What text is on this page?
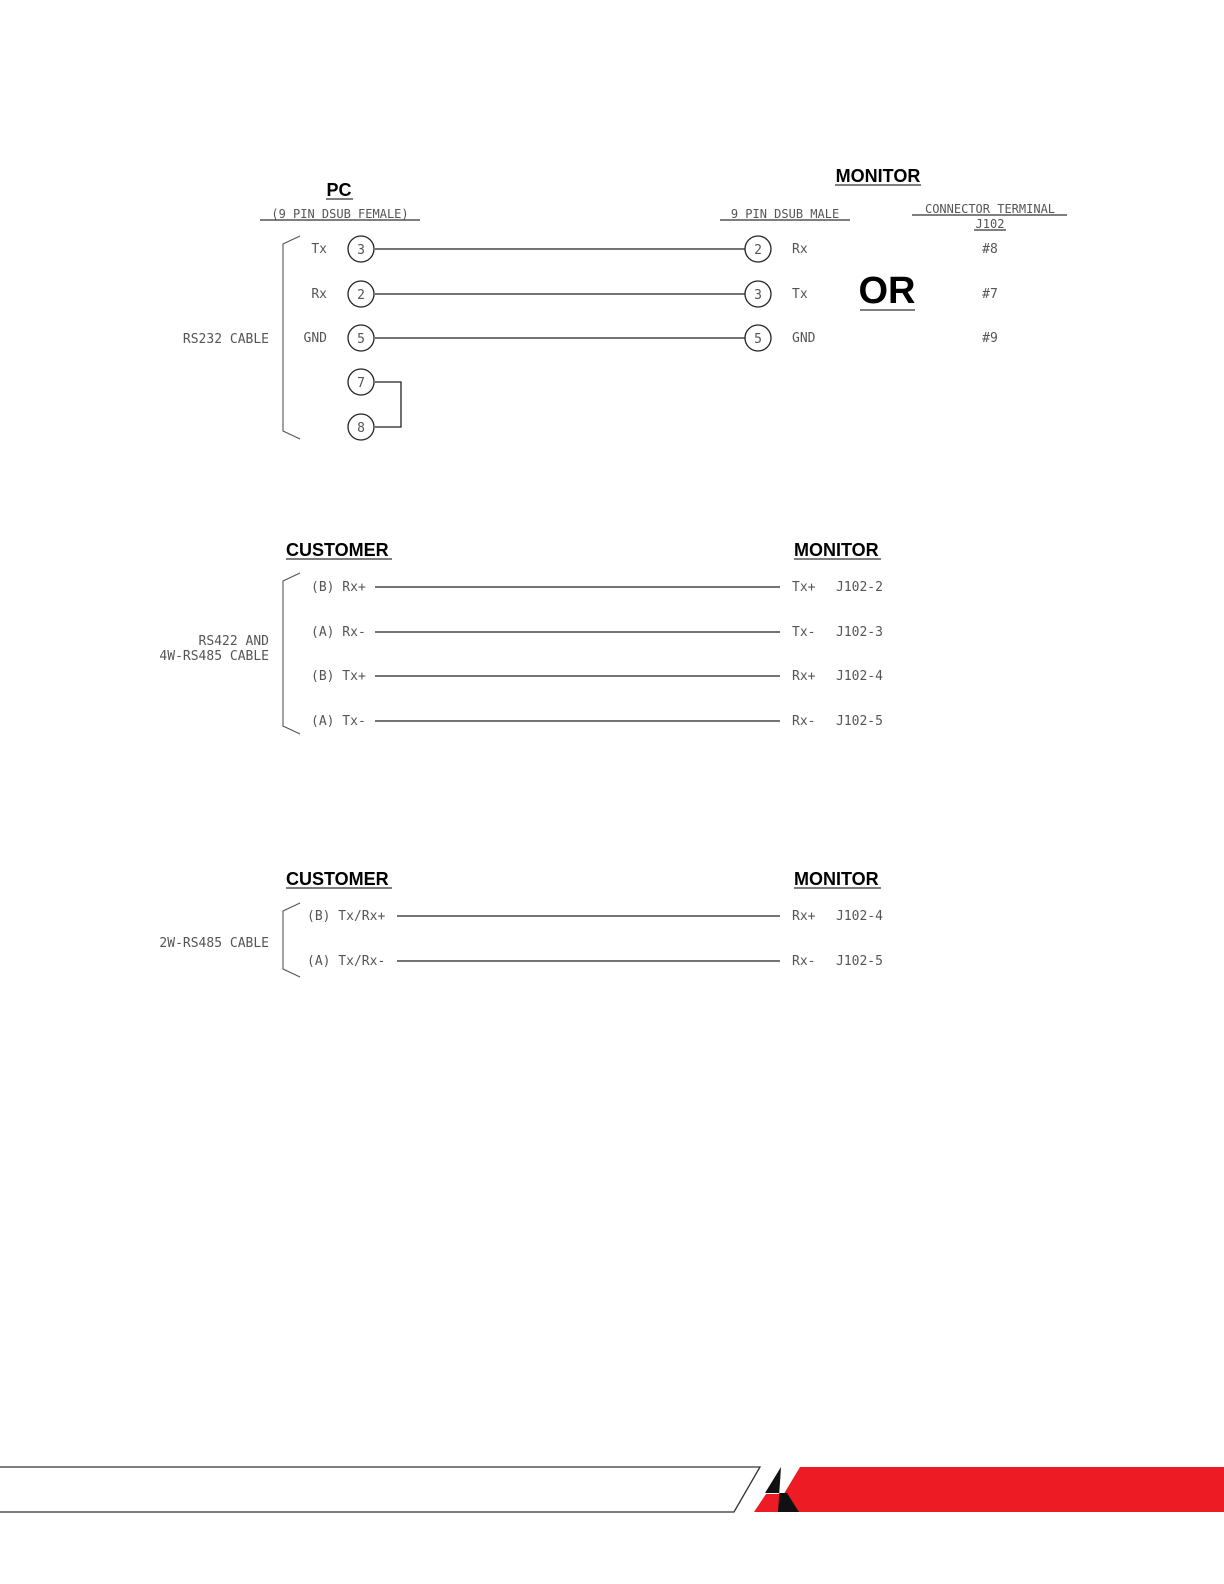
PC
(9 PIN DSUB FEMALE)
MONITOR
9 PIN DSUB MALE	CONNECTOR TERMINAL
J102
OR
RS232 CABLE
Tx 3	2 Rx	#8
Rx 2	3 Tx	#7
GND 5	5 GND	#9
7
8
CUSTOMER	MONITOR
RS422 AND
4W-RS485 CABLE
(B) Rx+	Tx+ J102-2
(A) Rx-	Tx- J102-3
(B) Tx+	Rx+ J102-4
(A) Tx-	Rx- J102-5
CUSTOMER	MONITOR
2W-RS485 CABLE
(B) Tx/Rx+	Rx+ J102-4
(A) Tx/Rx-	Rx- J102-5
